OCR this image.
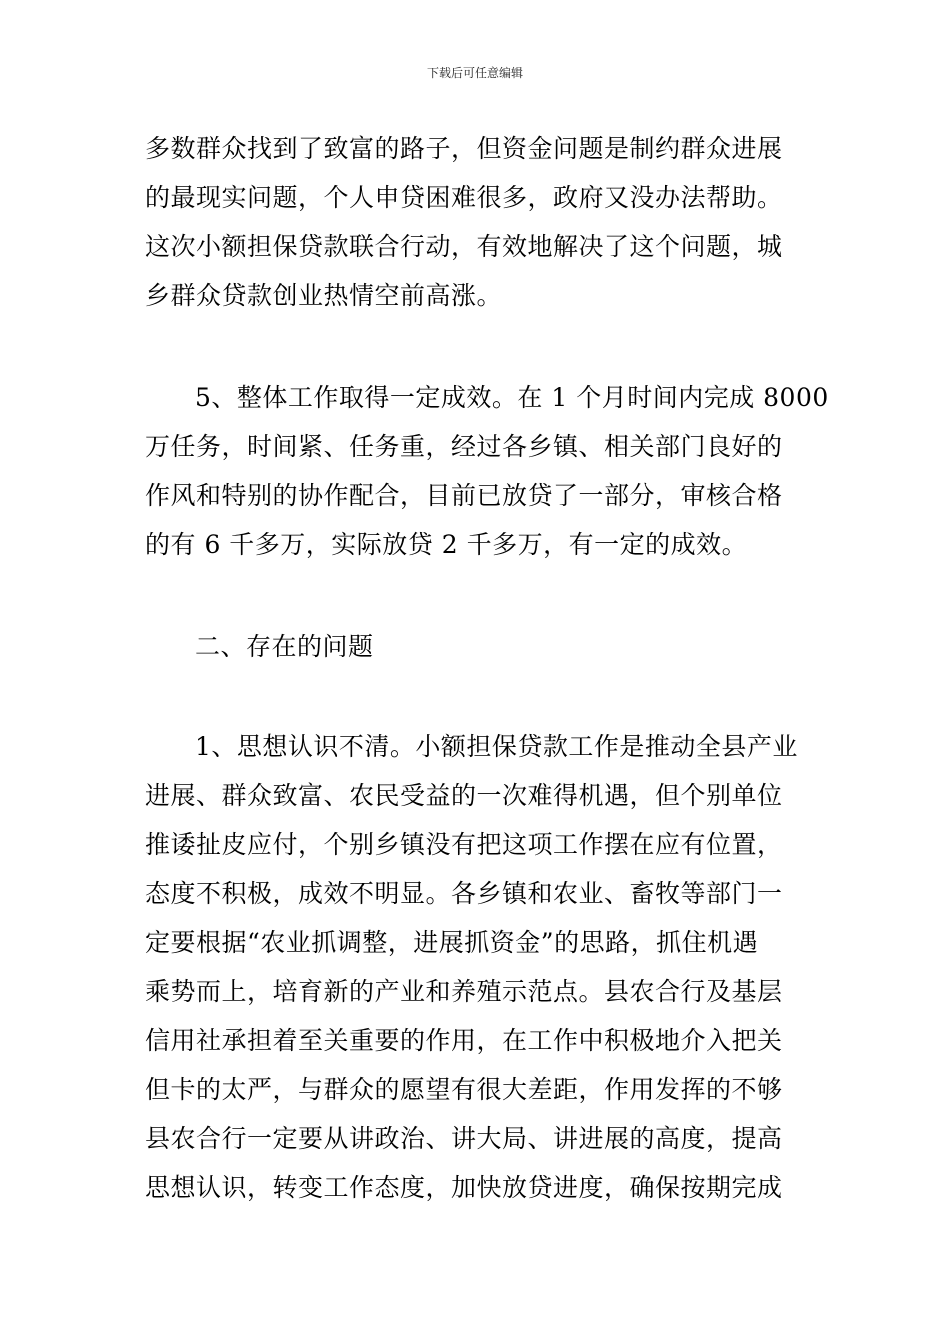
下载后可任意编辑
多数群众找到了致富的路子，但资金问题是制约群众进展
的最现实问题，个人申贷困难很多，政府又没办法帮助。
这次小额担保贷款联合行动，有效地解决了这个问题，城
乡群众贷款创业热情空前高涨。
5、整体工作取得一定成效。在 1 个月时间内完成 8000
万任务，时间紧、任务重，经过各乡镇、相关部门良好的
作风和特别的协作配合，目前已放贷了一部分，审核合格
的有 6 千多万，实际放贷 2 千多万，有一定的成效。
二、存在的问题
1、思想认识不清。小额担保贷款工作是推动全县产业
进展、群众致富、农民受益的一次难得机遇，但个别单位
推诿扯皮应付，个别乡镇没有把这项工作摆在应有位置，
态度不积极，成效不明显。各乡镇和农业、畜牧等部门一
定要根据“农业抓调整，进展抓资金”的思路，抓住机遇
乘势而上，培育新的产业和养殖示范点。县农合行及基层
信用社承担着至关重要的作用，在工作中积极地介入把关
但卡的太严，与群众的愿望有很大差距，作用发挥的不够
县农合行一定要从讲政治、讲大局、讲进展的高度，提高
思想认识，转变工作态度，加快放贷进度，确保按期完成
